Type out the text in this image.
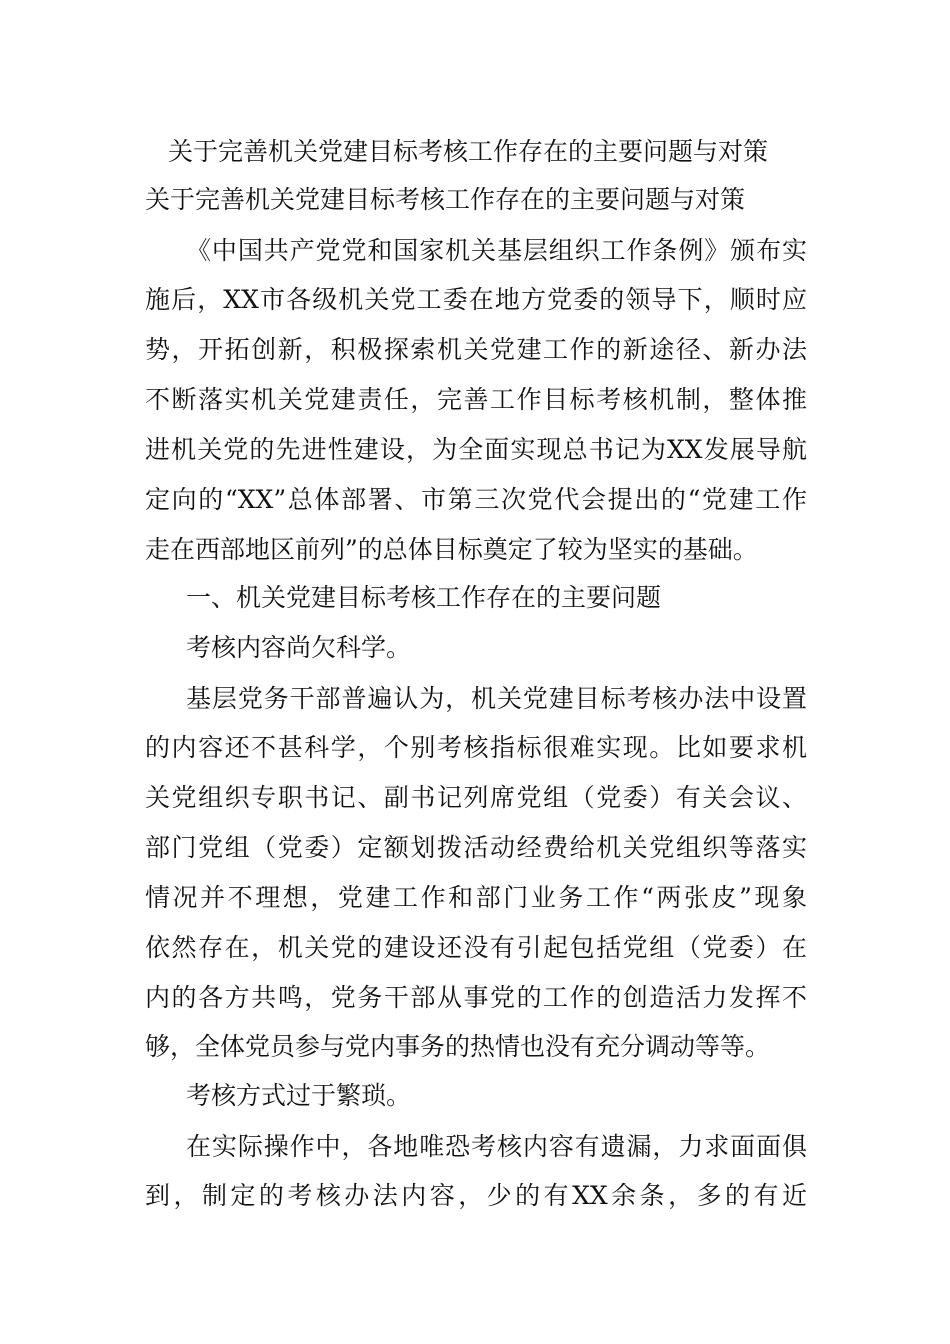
关于完善机关党建目标考核工作存在的主要问题与对策
关于完善机关党建目标考核工作存在的主要问题与对策
《中国共产党党和国家机关基层组织工作条例》颁布实
施后，XX市各级机关党工委在地方党委的领导下，顺时应
势，开拓创新，积极探索机关党建工作的新途径、新办法
不断落实机关党建责任，完善工作目标考核机制，整体推
进机关党的先进性建设，为全面实现总书记为XX发展导航
定向的“XX”总体部署、市第三次党代会提出的“党建工作
走在西部地区前列”的总体目标奠定了较为坚实的基础。
一、机关党建目标考核工作存在的主要问题
考核内容尚欠科学。
基层党务干部普遍认为，机关党建目标考核办法中设置
的内容还不甚科学，个别考核指标很难实现。比如要求机
关党组织专职书记、副书记列席党组（党委）有关会议、
部门党组（党委）定额划拨活动经费给机关党组织等落实
情况并不理想，党建工作和部门业务工作“两张皮”现象
依然存在，机关党的建设还没有引起包括党组（党委）在
内的各方共鸣，党务干部从事党的工作的创造活力发挥不
够，全体党员参与党内事务的热情也没有充分调动等等。
考核方式过于繁琐。
在实际操作中，各地唯恐考核内容有遗漏，力求面面俱
到，制定的考核办法内容，少的有XX余条，多的有近
